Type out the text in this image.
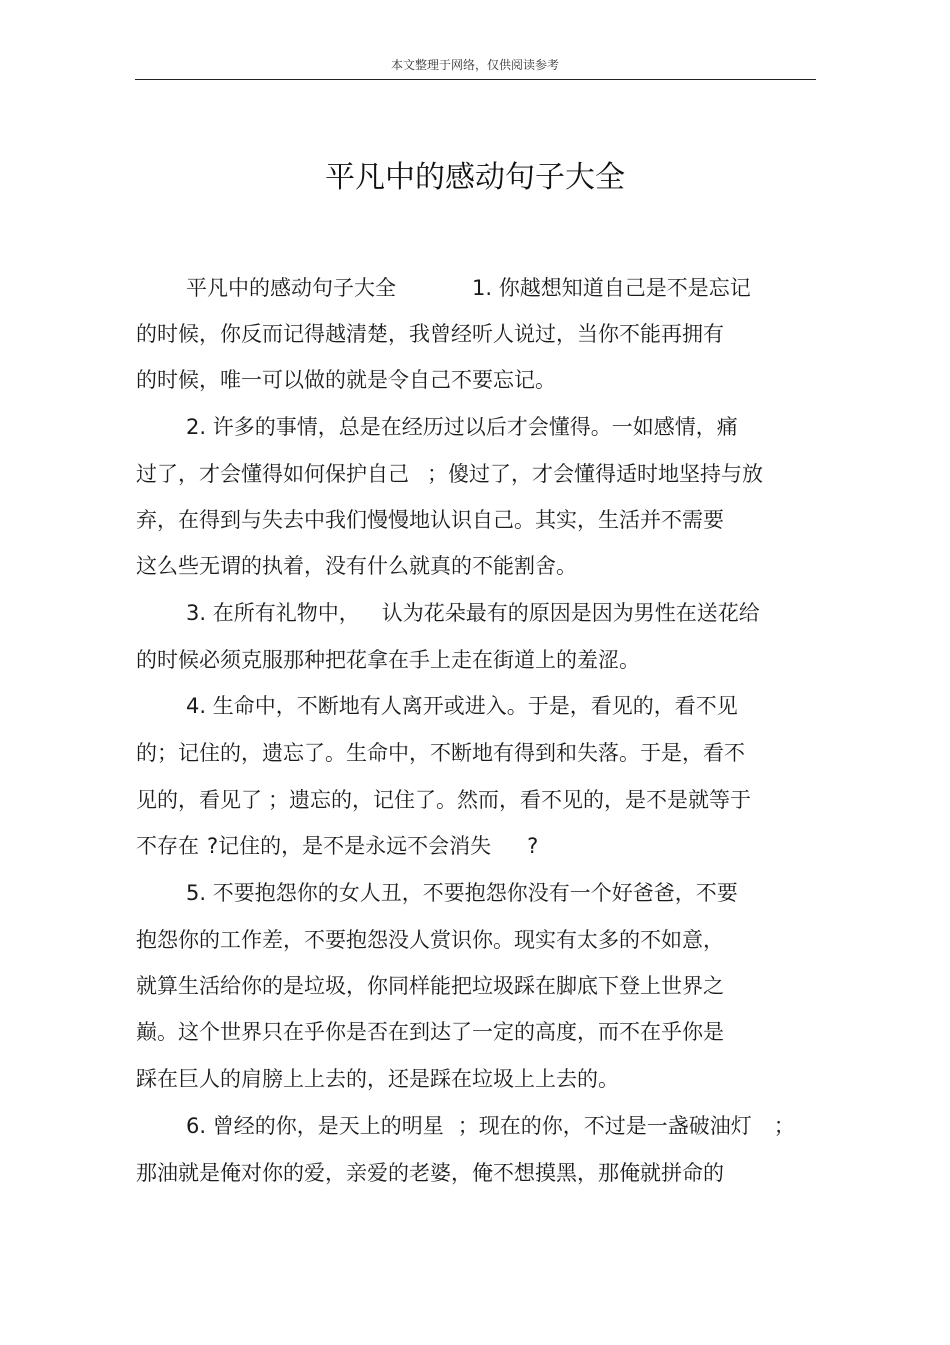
本文整理于网络，仅供阅读参考
平凡中的感动句子大全
平凡中的感动句子大全	1. 你越想知道自己是不是忘记
的时候，你反而记得越清楚，我曾经听人说过，当你不能再拥有
的时候，唯一可以做的就是令自己不要忘记。
2. 许多的事情，总是在经历过以后才会懂得。一如感情，痛
过了，才会懂得如何保护自己 ；傻过了，才会懂得适时地坚持与放
弃，在得到与失去中我们慢慢地认识自己。其实，生活并不需要
这么些无谓的执着，没有什么就真的不能割舍。
3. 在所有礼物中， 认为花朵最有的原因是因为男性在送花给
的时候必须克服那种把花拿在手上走在街道上的羞涩。
4. 生命中，不断地有人离开或进入。于是，看见的，看不见
的；记住的，遗忘了。生命中，不断地有得到和失落。于是，看不
见的，看见了 ；遗忘的，记住了。然而，看不见的，是不是就等于
不存在 ?记住的，是不是永远不会消失 ?
5. 不要抱怨你的女人丑，不要抱怨你没有一个好爸爸，不要
抱怨你的工作差，不要抱怨没人赏识你。现实有太多的不如意，
就算生活给你的是垃圾，你同样能把垃圾踩在脚底下登上世界之
巅。这个世界只在乎你是否在到达了一定的高度，而不在乎你是
踩在巨人的肩膀上上去的，还是踩在垃圾上上去的。
6. 曾经的你，是天上的明星 ；现在的你，不过是一盏破油灯 ；
那油就是俺对你的爱，亲爱的老婆，俺不想摸黑，那俺就拼命的
